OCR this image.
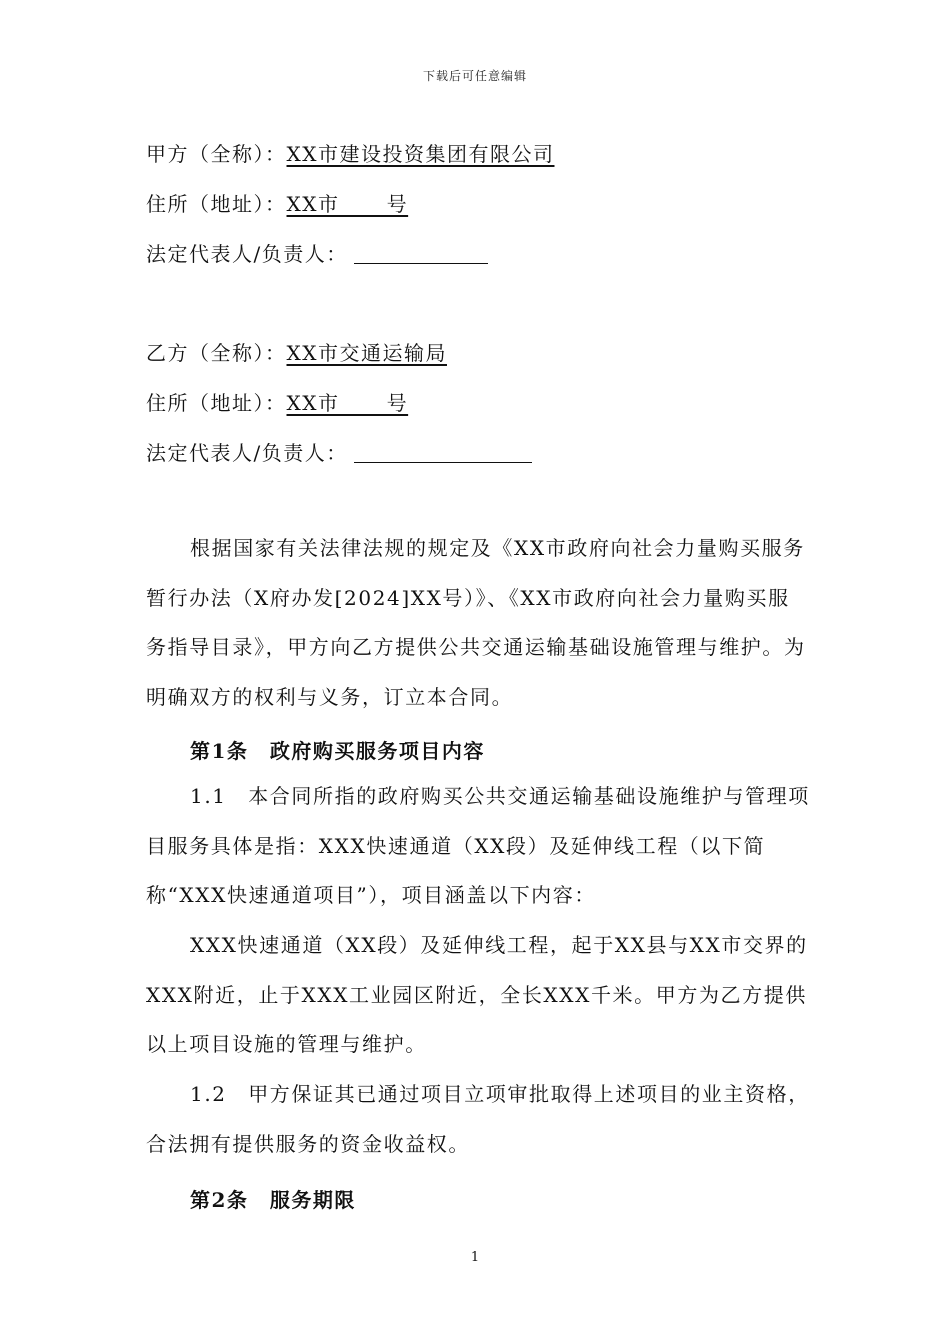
下载后可任意编辑
甲方（全称）：XX市建设投资集团有限公司
住所（地址）：XX市      号
法定代表人/负责人：
乙方（全称）：XX市交通运输局
住所（地址）：XX市      号
法定代表人/负责人：
根据国家有关法律法规的规定及《XX市政府向社会力量购买服务暂行办法（X府办发[2024]XX号）》、《XX市政府向社会力量购买服务指导目录》，甲方向乙方提供公共交通运输基础设施管理与维护。为明确双方的权利与义务，订立本合同。
第1条　政府购买服务项目内容
1.1　本合同所指的政府购买公共交通运输基础设施维护与管理项目服务具体是指：XXX快速通道（XX段）及延伸线工程（以下简称“XXX快速通道项目”），项目涵盖以下内容：
XXX快速通道（XX段）及延伸线工程，起于XX县与XX市交界的XXX附近，止于XXX工业园区附近，全长XXX千米。甲方为乙方提供以上项目设施的管理与维护。
1.2　甲方保证其已通过项目立项审批取得上述项目的业主资格，合法拥有提供服务的资金收益权。
第2条　服务期限
1
